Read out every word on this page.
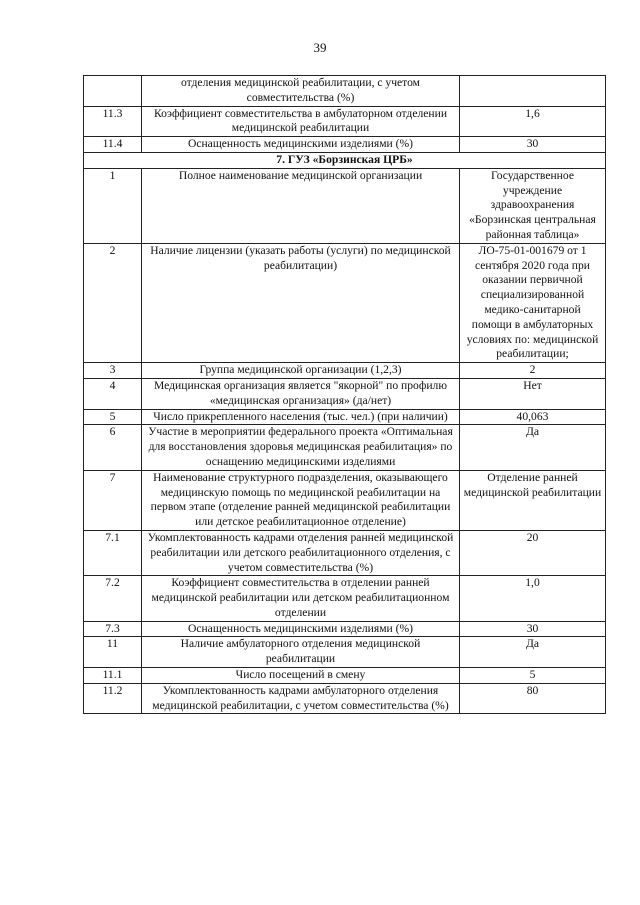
39
	отделения медицинской реабилитации, с учетом совместительства (%)	
11.3	Коэффициент совместительства в амбулаторном отделении медицинской реабилитации	1,6
11.4	Оснащенность медицинскими изделиями (%)	30
7. ГУЗ «Борзинская ЦРБ»		
1	Полное наименование медицинской организации	Государственное учреждение здравоохранения «Борзинская центральная районная таблица»
2	Наличие лицензии (указать работы (услуги) по медицинской реабилитации)	ЛО-75-01-001679 от 1 сентября 2020 года при оказании первичной специализированной медико-санитарной помощи в амбулаторных условиях по: медицинской реабилитации;
3	Группа медицинской организации (1,2,3)	2
4	Медицинская организация является "якорной" по профилю «медицинская организация» (да/нет)	Нет
5	Число прикрепленного населения (тыс. чел.) (при наличии)	40,063
6	Участие в мероприятии федерального проекта «Оптимальная для восстановления здоровья медицинская реабилитация» по оснащению медицинскими изделиями	Да
7	Наименование структурного подразделения, оказывающего медицинскую помощь по медицинской реабилитации на первом этапе (отделение ранней медицинской реабилитации или детское реабилитационное отделение)	Отделение ранней медицинской реабилитации
7.1	Укомплектованность кадрами отделения ранней медицинской реабилитации или детского реабилитационного отделения, с учетом совместительства (%)	20
7.2	Коэффициент совместительства в отделении ранней медицинской реабилитации или детском реабилитационном отделении	1,0
7.3	Оснащенность медицинскими изделиями (%)	30
11	Наличие амбулаторного отделения медицинской реабилитации	Да
11.1	Число посещений в смену	5
11.2	Укомплектованность кадрами амбулаторного отделения медицинской реабилитации, с учетом совместительства (%)	80
